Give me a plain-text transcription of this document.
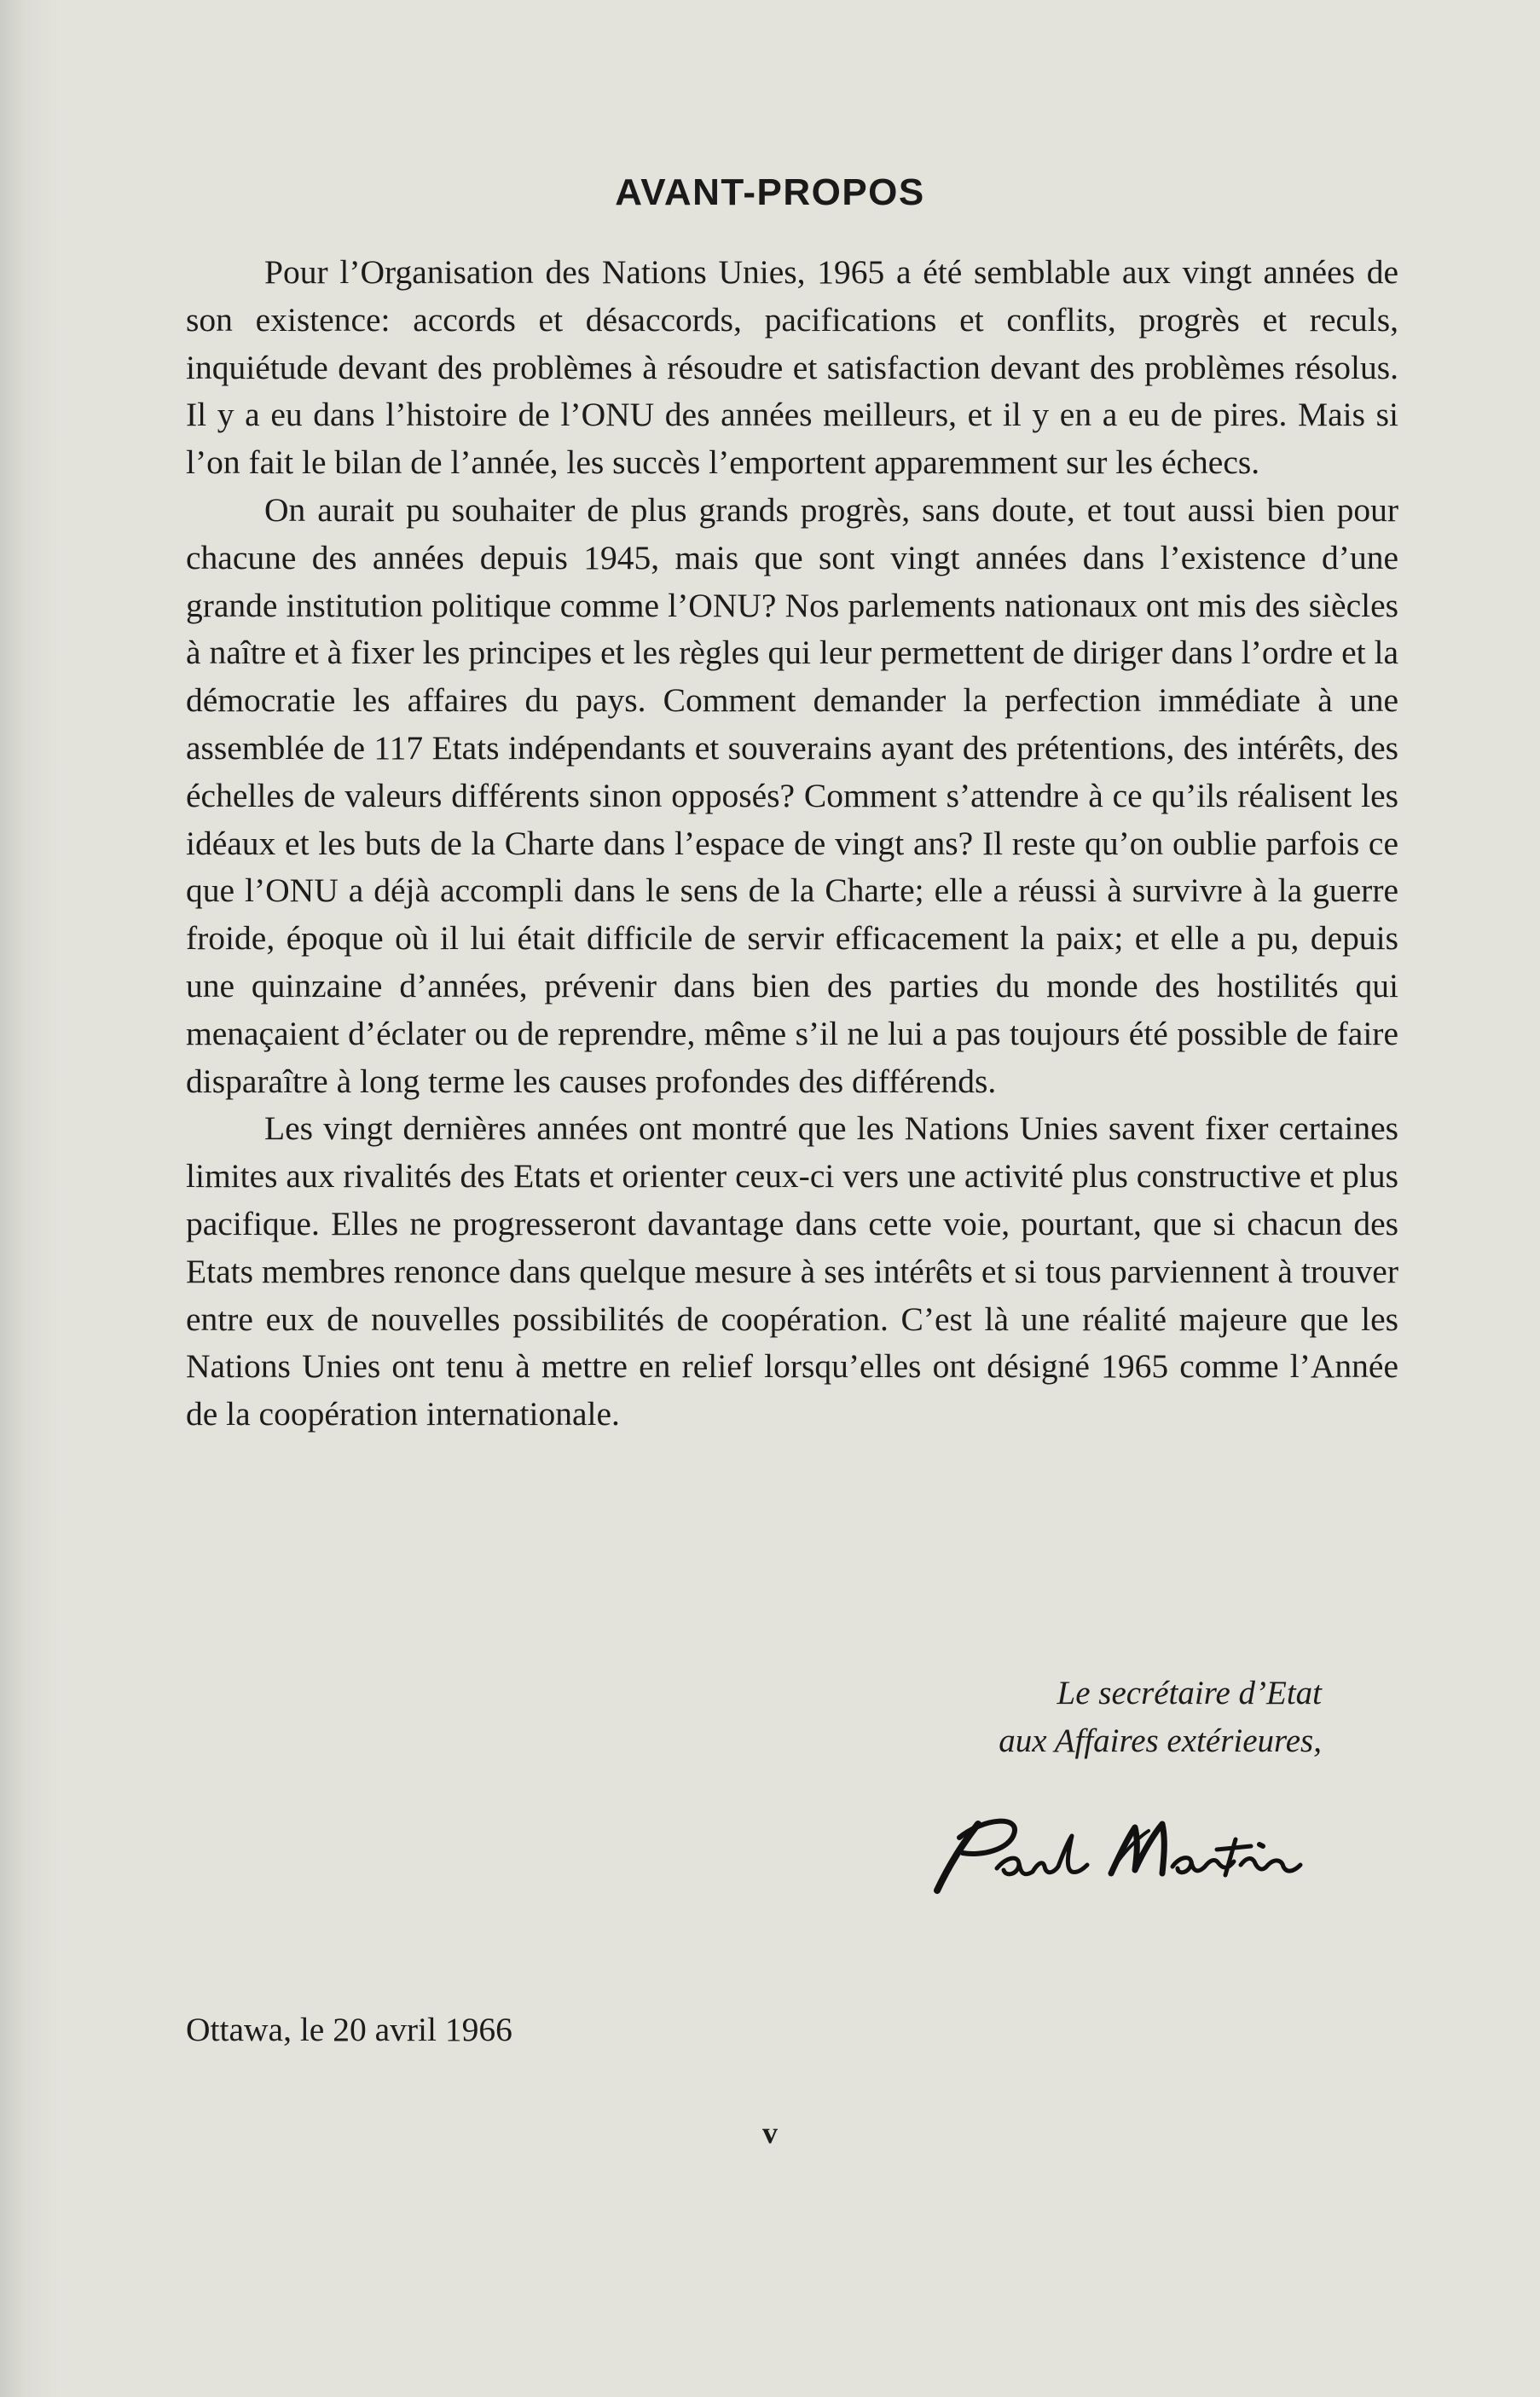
AVANT-PROPOS

Pour l’Organisation des Nations Unies, 1965 a été semblable aux vingt années de son existence: accords et désaccords, pacifications et conflits, progrès et reculs, inquiétude devant des problèmes à résoudre et satisfaction devant des problèmes résolus. Il y a eu dans l’histoire de l’ONU des années meilleurs, et il y en a eu de pires. Mais si l’on fait le bilan de l’année, les succès l’emportent apparemment sur les échecs.

On aurait pu souhaiter de plus grands progrès, sans doute, et tout aussi bien pour chacune des années depuis 1945, mais que sont vingt années dans l’existence d’une grande institution politique comme l’ONU? Nos parlements nationaux ont mis des siècles à naître et à fixer les principes et les règles qui leur permettent de diriger dans l’ordre et la démocratie les affaires du pays. Comment demander la perfection immédiate à une assemblée de 117 Etats indépendants et souverains ayant des prétentions, des intérêts, des échelles de valeurs différents sinon opposés? Comment s’attendre à ce qu’ils réalisent les idéaux et les buts de la Charte dans l’espace de vingt ans? Il reste qu’on oublie parfois ce que l’ONU a déjà accompli dans le sens de la Charte; elle a réussi à survivre à la guerre froide, époque où il lui était difficile de servir efficacement la paix; et elle a pu, depuis une quinzaine d’années, prévenir dans bien des parties du monde des hostilités qui menaçaient d’éclater ou de reprendre, même s’il ne lui a pas toujours été possible de faire disparaître à long terme les causes profondes des différends.

Les vingt dernières années ont montré que les Nations Unies savent fixer certaines limites aux rivalités des Etats et orienter ceux-ci vers une activité plus constructive et plus pacifique. Elles ne progresseront davantage dans cette voie, pourtant, que si chacun des Etats membres renonce dans quelque mesure à ses intérêts et si tous parviennent à trouver entre eux de nouvelles possibilités de coopération. C’est là une réalité majeure que les Nations Unies ont tenu à mettre en relief lorsqu’elles ont désigné 1965 comme l’Année de la coopération internationale.

Le secrétaire d’Etat
aux Affaires extérieures,
Ottawa, le 20 avril 1966
v
